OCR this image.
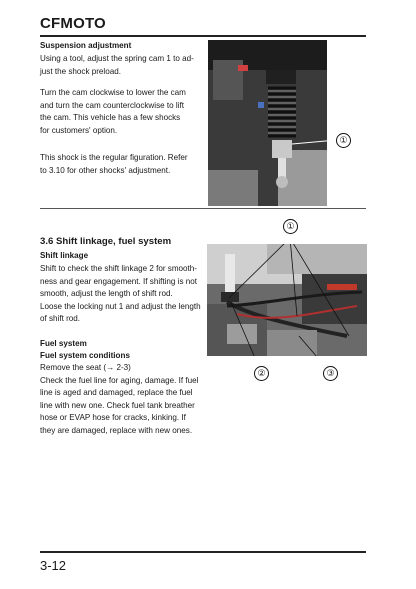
CFMOTO
Suspension adjustment
Using a tool, adjust the spring cam 1 to ad-
just the shock preload.
Turn the cam clockwise to lower the cam
and turn the cam counterclockwise to lift
the cam. This vehicle has a few shocks
for customers' option.
This shock is the regular figuration. Refer
to 3.10 for other shocks' adjustment.
①
3.6 Shift linkage, fuel system
Shift linkage
Shift to check the shift linkage 2 for smooth-
ness and gear engagement. If shifting is not
smooth, adjust the length of shift rod.
Loose the locking nut 1 and adjust the length
of shift rod.
Fuel system
Fuel system conditions
Remove the seat (→ 2-3)
Check the fuel line for aging, damage. If fuel
line is aged and damaged, replace the fuel
line with new one. Check fuel tank breather
hose or EVAP hose for cracks, kinking. If
they are damaged, replace with new ones.
①
②	③
3-12
